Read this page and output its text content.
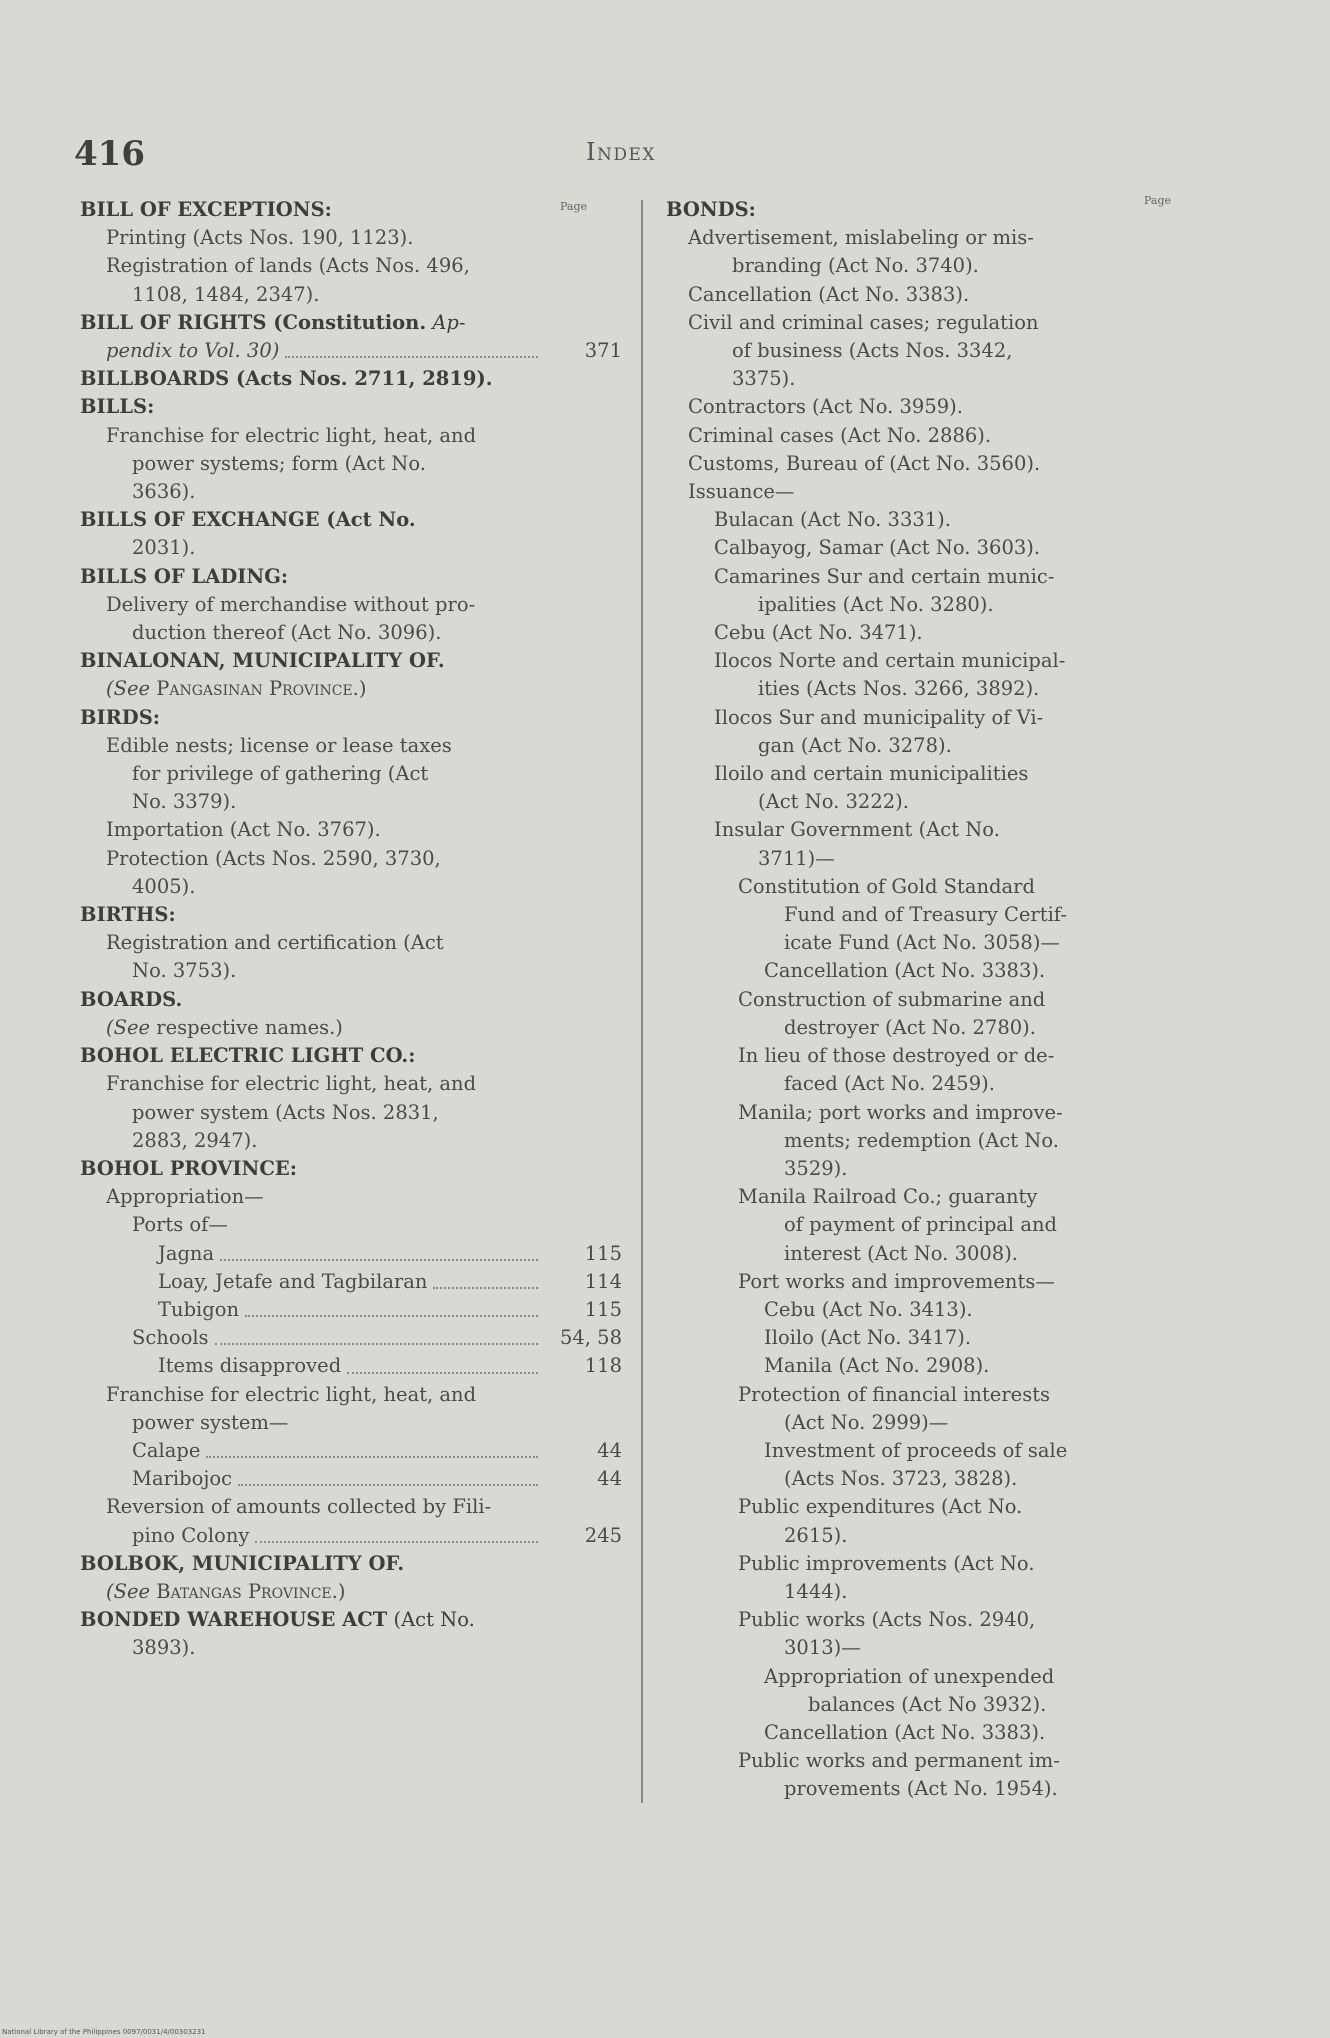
416	Index
Page	Page
BILL OF EXCEPTIONS:
Printing (Acts Nos. 190, 1123).
Registration of lands (Acts Nos. 496,
1108, 1484, 2347).
BILL OF RIGHTS (Constitution. Ap-
pendix to Vol. 30)	371
BILLBOARDS (Acts Nos. 2711, 2819).
BILLS:
Franchise for electric light, heat, and
power systems; form (Act No.
3636).
BILLS OF EXCHANGE (Act No.
2031).
BILLS OF LADING:
Delivery of merchandise without pro-
duction thereof (Act No. 3096).
BINALONAN, MUNICIPALITY OF.
(See Pangasinan Province.)
BIRDS:
Edible nests; license or lease taxes
for privilege of gathering (Act
No. 3379).
Importation (Act No. 3767).
Protection (Acts Nos. 2590, 3730,
4005).
BIRTHS:
Registration and certification (Act
No. 3753).
BOARDS.
(See respective names.)
BOHOL ELECTRIC LIGHT CO.:
Franchise for electric light, heat, and
power system (Acts Nos. 2831,
2883, 2947).
BOHOL PROVINCE:
Appropriation—
Ports of—
Jagna	115
Loay, Jetafe and Tagbilaran	114
Tubigon	115
Schools	54, 58
Items disapproved	118
Franchise for electric light, heat, and
power system—
Calape	44
Maribojoc	44
Reversion of amounts collected by Fili-
pino Colony	245
BOLBOK, MUNICIPALITY OF.
(See Batangas Province.)
BONDED WAREHOUSE ACT (Act No.
3893).
BONDS:
Advertisement, mislabeling or mis-
branding (Act No. 3740).
Cancellation (Act No. 3383).
Civil and criminal cases; regulation
of business (Acts Nos. 3342,
3375).
Contractors (Act No. 3959).
Criminal cases (Act No. 2886).
Customs, Bureau of (Act No. 3560).
Issuance—
Bulacan (Act No. 3331).
Calbayog, Samar (Act No. 3603).
Camarines Sur and certain munic-
ipalities (Act No. 3280).
Cebu (Act No. 3471).
Ilocos Norte and certain municipal-
ities (Acts Nos. 3266, 3892).
Ilocos Sur and municipality of Vi-
gan (Act No. 3278).
Iloilo and certain municipalities
(Act No. 3222).
Insular Government (Act No.
3711)—
Constitution of Gold Standard
Fund and of Treasury Certif-
icate Fund (Act No. 3058)—
Cancellation (Act No. 3383).
Construction of submarine and
destroyer (Act No. 2780).
In lieu of those destroyed or de-
faced (Act No. 2459).
Manila; port works and improve-
ments; redemption (Act No.
3529).
Manila Railroad Co.; guaranty
of payment of principal and
interest (Act No. 3008).
Port works and improvements—
Cebu (Act No. 3413).
Iloilo (Act No. 3417).
Manila (Act No. 2908).
Protection of financial interests
(Act No. 2999)—
Investment of proceeds of sale
(Acts Nos. 3723, 3828).
Public expenditures (Act No.
2615).
Public improvements (Act No.
1444).
Public works (Acts Nos. 2940,
3013)—
Appropriation of unexpended
balances (Act No 3932).
Cancellation (Act No. 3383).
Public works and permanent im-
provements (Act No. 1954).
National Library of the Philippines 0097/0031/4/00303231
